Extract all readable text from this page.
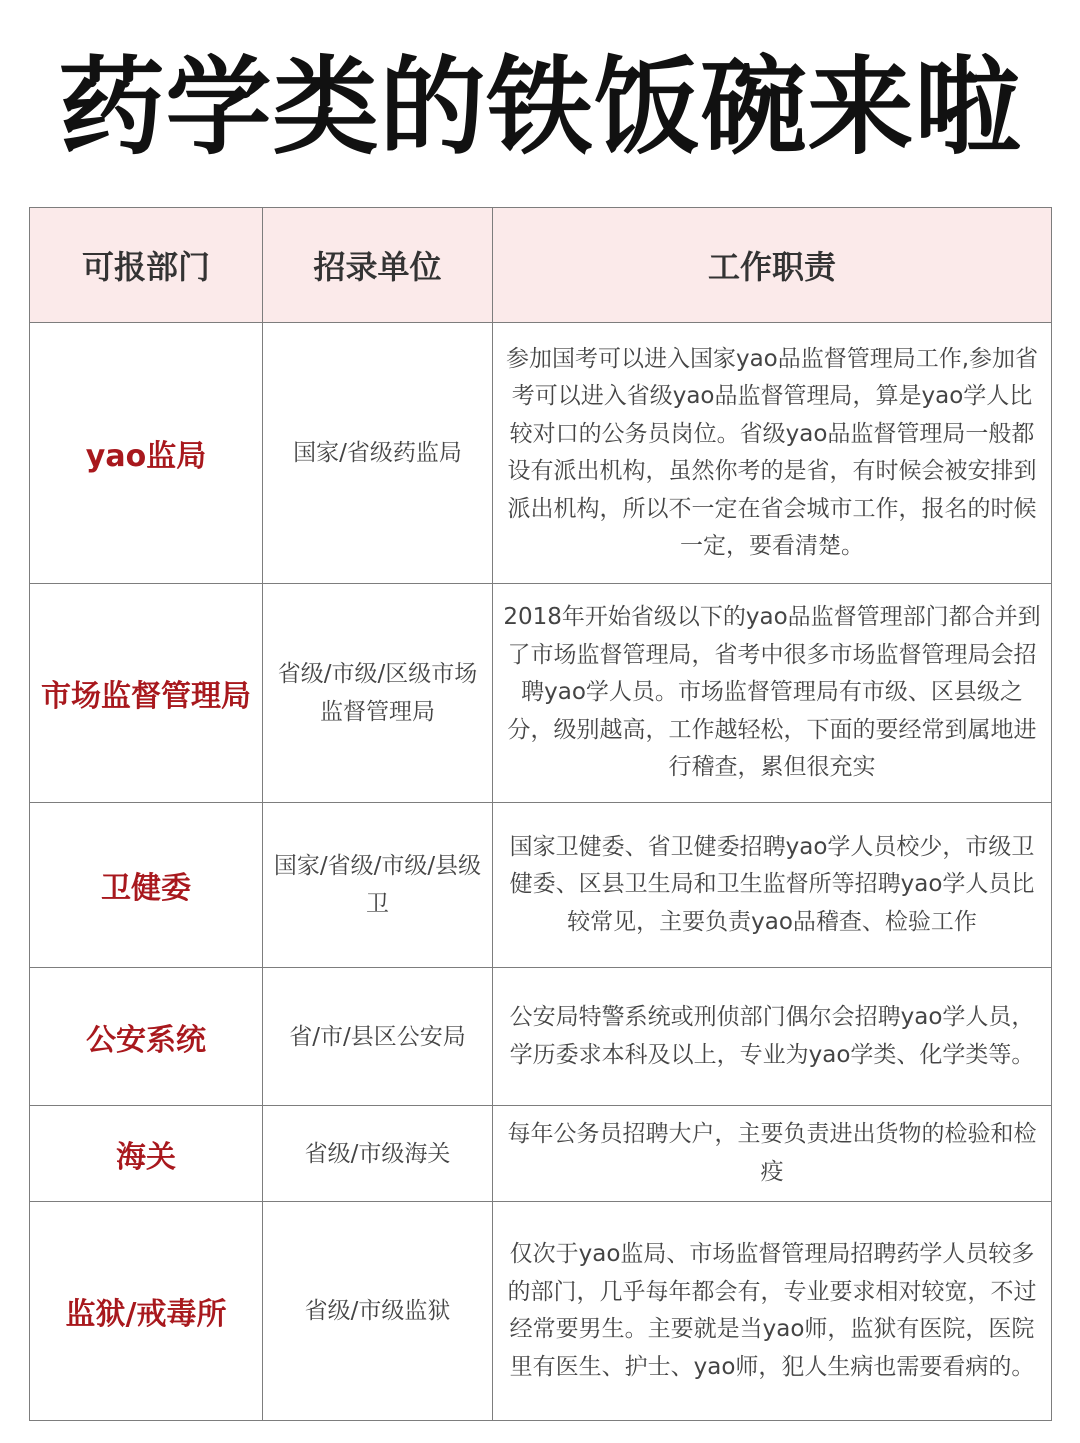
药学类的铁饭碗来啦
可报部门	招录单位	工作职责
yao监局	国家/省级药监局	参加国考可以进入国家yao品监督管理局工作,参加省考可以进入省级yao品监督管理局，算是yao学人比较对口的公务员岗位。省级yao品监督管理局一般都设有派出机构，虽然你考的是省，有时候会被安排到派出机构，所以不一定在省会城市工作，报名的时候一定，要看清楚。
市场监督管理局	省级/市级/区级市场监督管理局	2018年开始省级以下的yao品监督管理部门都合并到了市场监督管理局，省考中很多市场监督管理局会招聘yao学人员。市场监督管理局有市级、区县级之分，级别越高，工作越轻松，下面的要经常到属地进行稽查，累但很充实
卫健委	国家/省级/市级/县级卫	国家卫健委、省卫健委招聘yao学人员校少，市级卫健委、区县卫生局和卫生监督所等招聘yao学人员比较常见，主要负责yao品稽查、检验工作
公安系统	省/市/县区公安局	公安局特警系统或刑侦部门偶尔会招聘yao学人员，学历委求本科及以上，专业为yao学类、化学类等。
海关	省级/市级海关	每年公务员招聘大户，主要负责进出货物的检验和检疫
监狱/戒毒所	省级/市级监狱	仅次于yao监局、市场监督管理局招聘药学人员较多的部门，几乎每年都会有，专业要求相对较宽，不过经常要男生。主要就是当yao师，监狱有医院，医院里有医生、护士、yao师，犯人生病也需要看病的。
